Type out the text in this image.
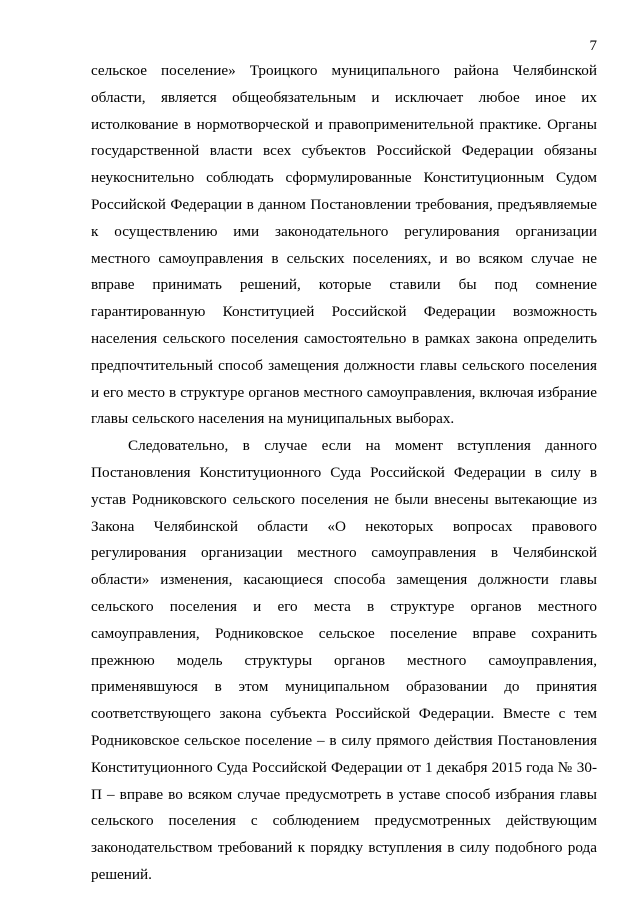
7

сельское поселение» Троицкого муниципального района Челябинской области, является общеобязательным и исключает любое иное их истолкование в нормотворческой и правоприменительной практике. Органы государственной власти всех субъектов Российской Федерации обязаны неукоснительно соблюдать сформулированные Конституционным Судом Российской Федерации в данном Постановлении требования, предъявляемые к осуществлению ими законодательного регулирования организации местного самоуправления в сельских поселениях, и во всяком случае не вправе принимать решений, которые ставили бы под сомнение гарантированную Конституцией Российской Федерации возможность населения сельского поселения самостоятельно в рамках закона определить предпочтительный способ замещения должности главы сельского поселения и его место в структуре органов местного самоуправления, включая избрание главы сельского населения на муниципальных выборах.

Следовательно, в случае если на момент вступления данного Постановления Конституционного Суда Российской Федерации в силу в устав Родниковского сельского поселения не были внесены вытекающие из Закона Челябинской области «О некоторых вопросах правового регулирования организации местного самоуправления в Челябинской области» изменения, касающиеся способа замещения должности главы сельского поселения и его места в структуре органов местного самоуправления, Родниковское сельское поселение вправе сохранить прежнюю модель структуры органов местного самоуправления, применявшуюся в этом муниципальном образовании до принятия соответствующего закона субъекта Российской Федерации. Вместе с тем Родниковское сельское поселение – в силу прямого действия Постановления Конституционного Суда Российской Федерации от 1 декабря 2015 года № 30-П – вправе во всяком случае предусмотреть в уставе способ избрания главы сельского поселения с соблюдением предусмотренных действующим законодательством требований к порядку вступления в силу подобного рода решений.
